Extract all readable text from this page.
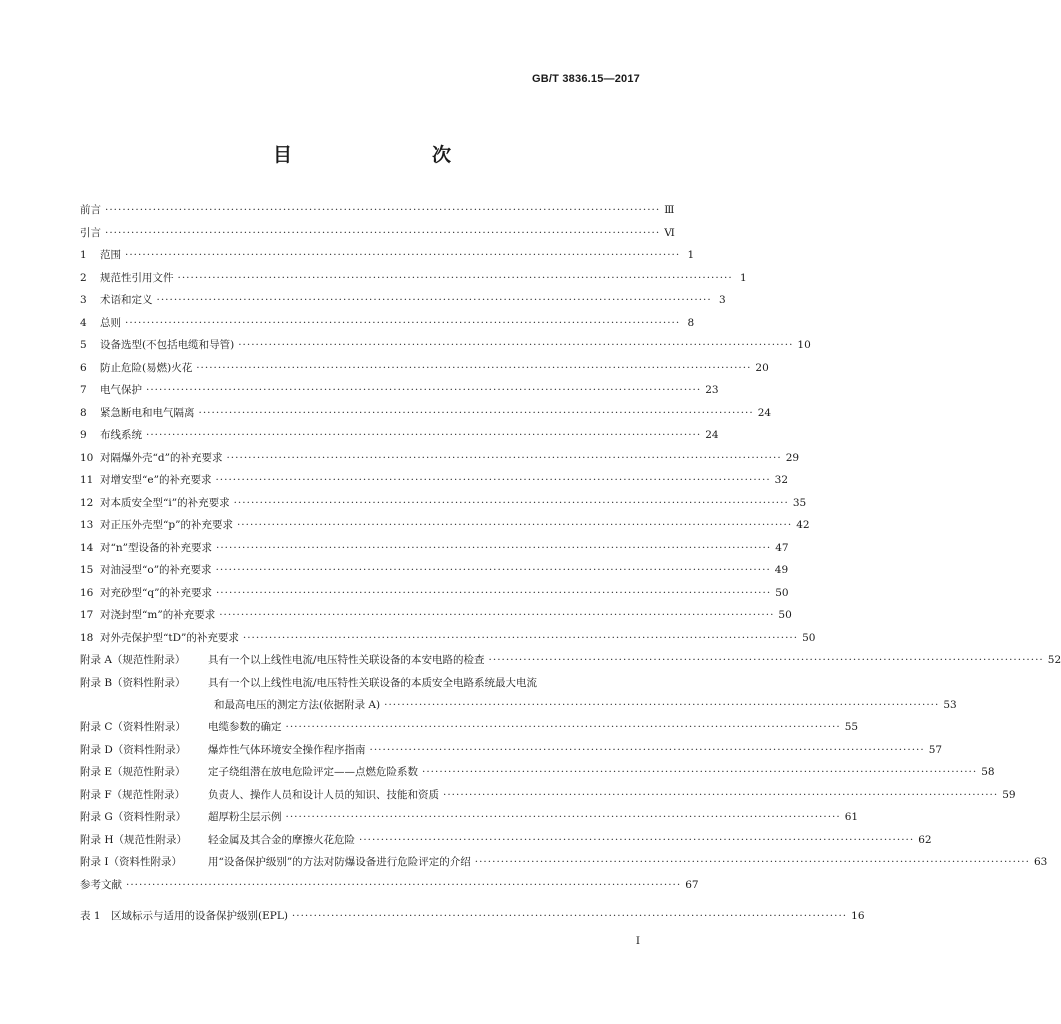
GB/T 3836.15—2017
目　　次
前言 ·····	Ⅲ
引言 ·····	Ⅵ
1	范围 ·····	1
2	规范性引用文件 ·····	1
3	术语和定义 ·····	3
4	总则 ·····	8
5	设备选型(不包括电缆和导管) ·····	10
6	防止危险(易燃)火花 ·····	20
7	电气保护 ·····	23
8	紧急断电和电气隔离 ·····	24
9	布线系统 ·····	24
10 对隔爆外壳“d”的补充要求 ·····	29
11 对增安型“e”的补充要求 ·····	32
12 对本质安全型“i”的补充要求 ·····	35
13 对正压外壳型“p”的补充要求 ·····	42
14 对“n”型设备的补充要求 ·····	47
15 对油浸型“o”的补充要求 ·····	49
16 对充砂型“q”的补充要求 ·····	50
17 对浇封型“m”的补充要求 ·····	50
18 对外壳保护型“tD”的补充要求 ·····	50
附录 A（规范性附录）	具有一个以上线性电流/电压特性关联设备的本安电路的检查 ·····	52
附录 B（资料性附录）	具有一个以上线性电流/电压特性关联设备的本质安全电路系统最大电流
和最高电压的测定方法(依据附录 A) ·····	53
附录 C（资料性附录）	电缆参数的确定 ·····	55
附录 D（资料性附录）	爆炸性气体环境安全操作程序指南 ·····	57
附录 E（规范性附录）	定子绕组潜在放电危险评定——点燃危险系数 ·····	58
附录 F（规范性附录）	负责人、操作人员和设计人员的知识、技能和资质 ·····	59
附录 G（资料性附录）	超厚粉尘层示例 ·····	61
附录 H（规范性附录）	轻金属及其合金的摩擦火花危险 ·····	62
附录 I（资料性附录）	用“设备保护级别”的方法对防爆设备进行危险评定的介绍 ·····	63
参考文献 ·····	67
表 1　区域标示与适用的设备保护级别(EPL) ·····	16
I
